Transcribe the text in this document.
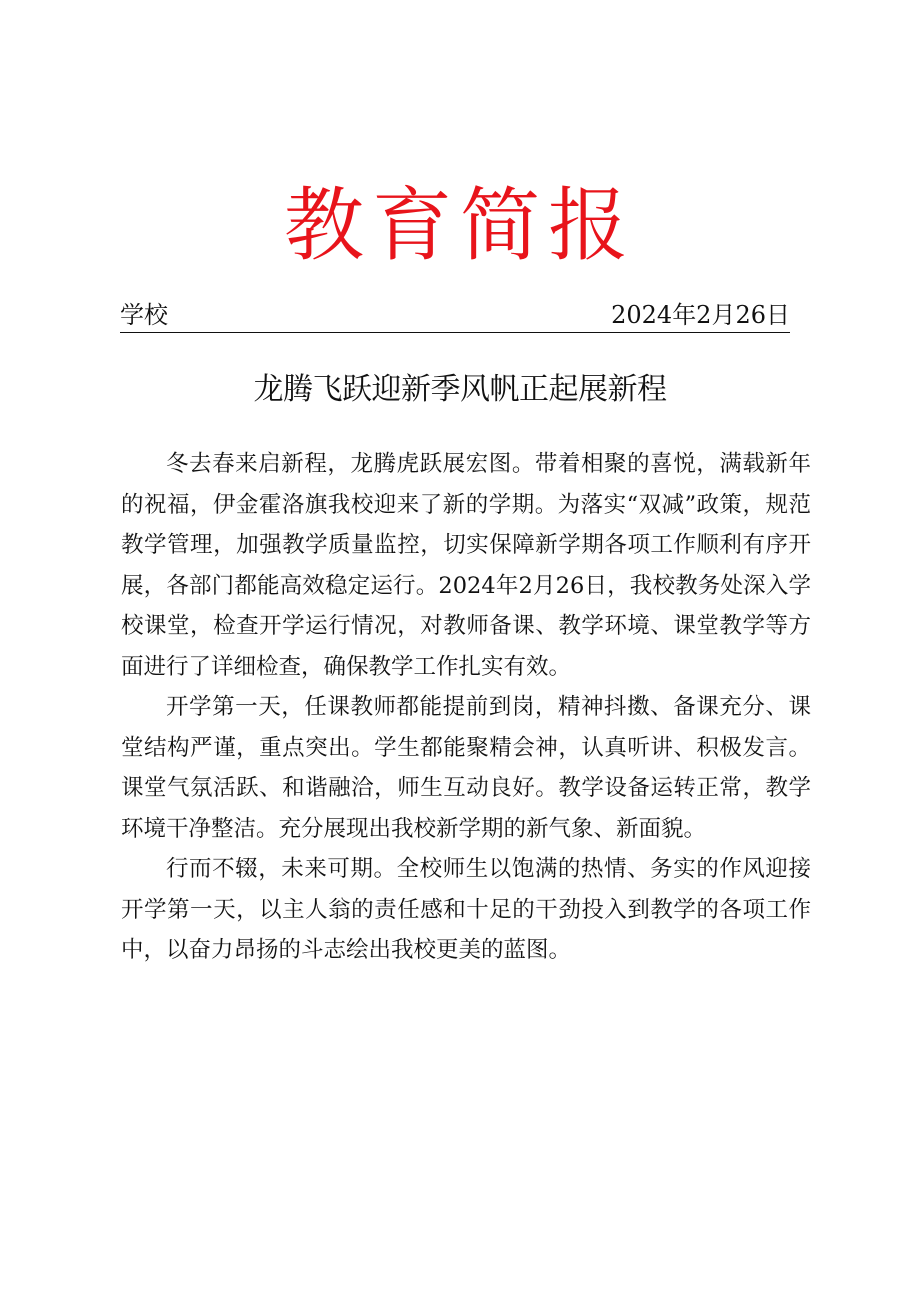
教育简报
学校	2024年2月26日
龙腾飞跃迎新季风帆正起展新程

冬去春来启新程，龙腾虎跃展宏图。带着相聚的喜悦，满载新年的祝福，伊金霍洛旗我校迎来了新的学期。为落实“双减”政策，规范教学管理，加强教学质量监控，切实保障新学期各项工作顺利有序开展，各部门都能高效稳定运行。2024年2月26日，我校教务处深入学校课堂，检查开学运行情况，对教师备课、教学环境、课堂教学等方面进行了详细检查，确保教学工作扎实有效。

开学第一天，任课教师都能提前到岗，精神抖擞、备课充分、课堂结构严谨，重点突出。学生都能聚精会神，认真听讲、积极发言。课堂气氛活跃、和谐融洽，师生互动良好。教学设备运转正常，教学环境干净整洁。充分展现出我校新学期的新气象、新面貌。

行而不辍，未来可期。全校师生以饱满的热情、务实的作风迎接开学第一天，以主人翁的责任感和十足的干劲投入到教学的各项工作中，以奋力昂扬的斗志绘出我校更美的蓝图。
